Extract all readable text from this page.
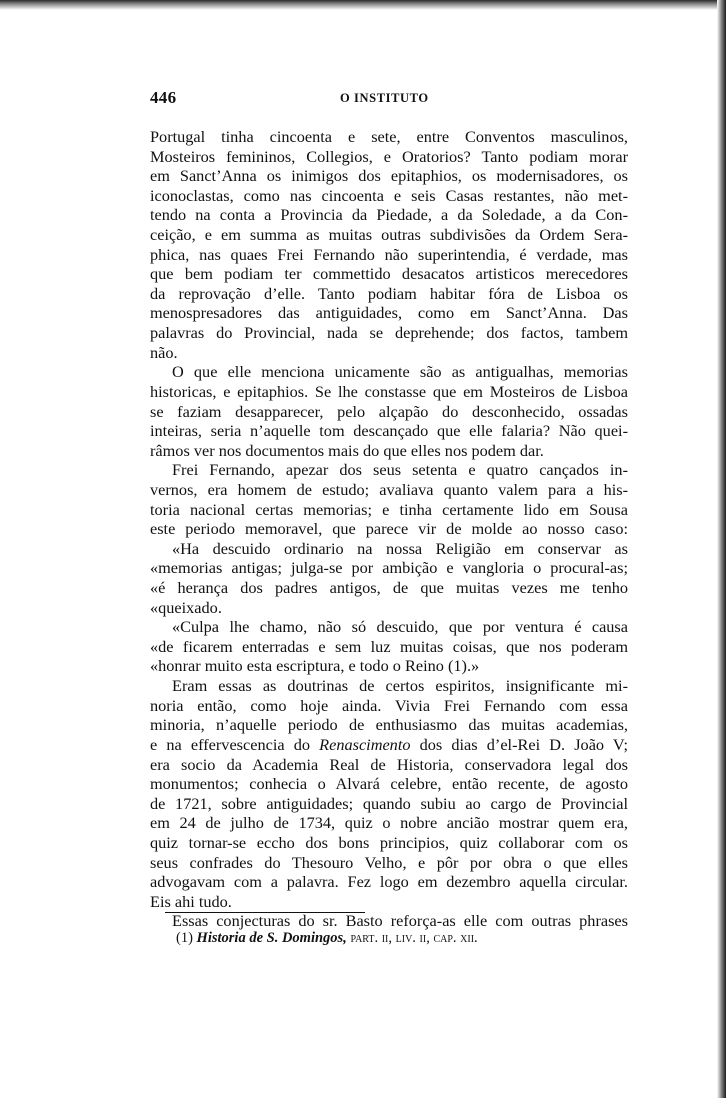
446	O INSTITUTO
Portugal tinha cincoenta e sete, entre Conventos masculinos,
Mosteiros femininos, Collegios, e Oratorios? Tanto podiam morar
em Sanct’Anna os inimigos dos epitaphios, os modernisadores, os
iconoclastas, como nas cincoenta e seis Casas restantes, não met-
tendo na conta a Provincia da Piedade, a da Soledade, a da Con-
ceição, e em summa as muitas outras subdivisões da Ordem Sera-
phica, nas quaes Frei Fernando não superintendia, é verdade, mas
que bem podiam ter commettido desacatos artisticos merecedores
da reprovação d’elle. Tanto podiam habitar fóra de Lisboa os
menospresadores das antiguidades, como em Sanct’Anna. Das
palavras do Provincial, nada se deprehende; dos factos, tambem
não.
O que elle menciona unicamente são as antigualhas, memorias
historicas, e epitaphios. Se lhe constasse que em Mosteiros de Lisboa
se faziam desapparecer, pelo alçapão do desconhecido, ossadas
inteiras, seria n’aquelle tom descançado que elle falaria? Não quei-
râmos ver nos documentos mais do que elles nos podem dar.
Frei Fernando, apezar dos seus setenta e quatro cançados in-
vernos, era homem de estudo; avaliava quanto valem para a his-
toria nacional certas memorias; e tinha certamente lido em Sousa
este periodo memoravel, que parece vir de molde ao nosso caso:
«Ha descuido ordinario na nossa Religião em conservar as
«memorias antigas; julga-se por ambição e vangloria o procural-as;
«é herança dos padres antigos, de que muitas vezes me tenho
«queixado.
«Culpa lhe chamo, não só descuido, que por ventura é causa
«de ficarem enterradas e sem luz muitas coisas, que nos poderam
«honrar muito esta escriptura, e todo o Reino (1).»
Eram essas as doutrinas de certos espiritos, insignificante mi-
noria então, como hoje ainda. Vivia Frei Fernando com essa
minoria, n’aquelle periodo de enthusiasmo das muitas academias,
e na effervescencia do Renascimento dos dias d’el-Rei D. João V;
era socio da Academia Real de Historia, conservadora legal dos
monumentos; conhecia o Alvará celebre, então recente, de agosto
de 1721, sobre antiguidades; quando subiu ao cargo de Provincial
em 24 de julho de 1734, quiz o nobre ancião mostrar quem era,
quiz tornar-se eccho dos bons principios, quiz collaborar com os
seus confrades do Thesouro Velho, e pôr por obra o que elles
advogavam com a palavra. Fez logo em dezembro aquella circular.
Eis ahi tudo.
Essas conjecturas do sr. Basto reforça-as elle com outras phrases
(1) Historia de S. Domingos, part. ii, liv. ii, cap. xii.
